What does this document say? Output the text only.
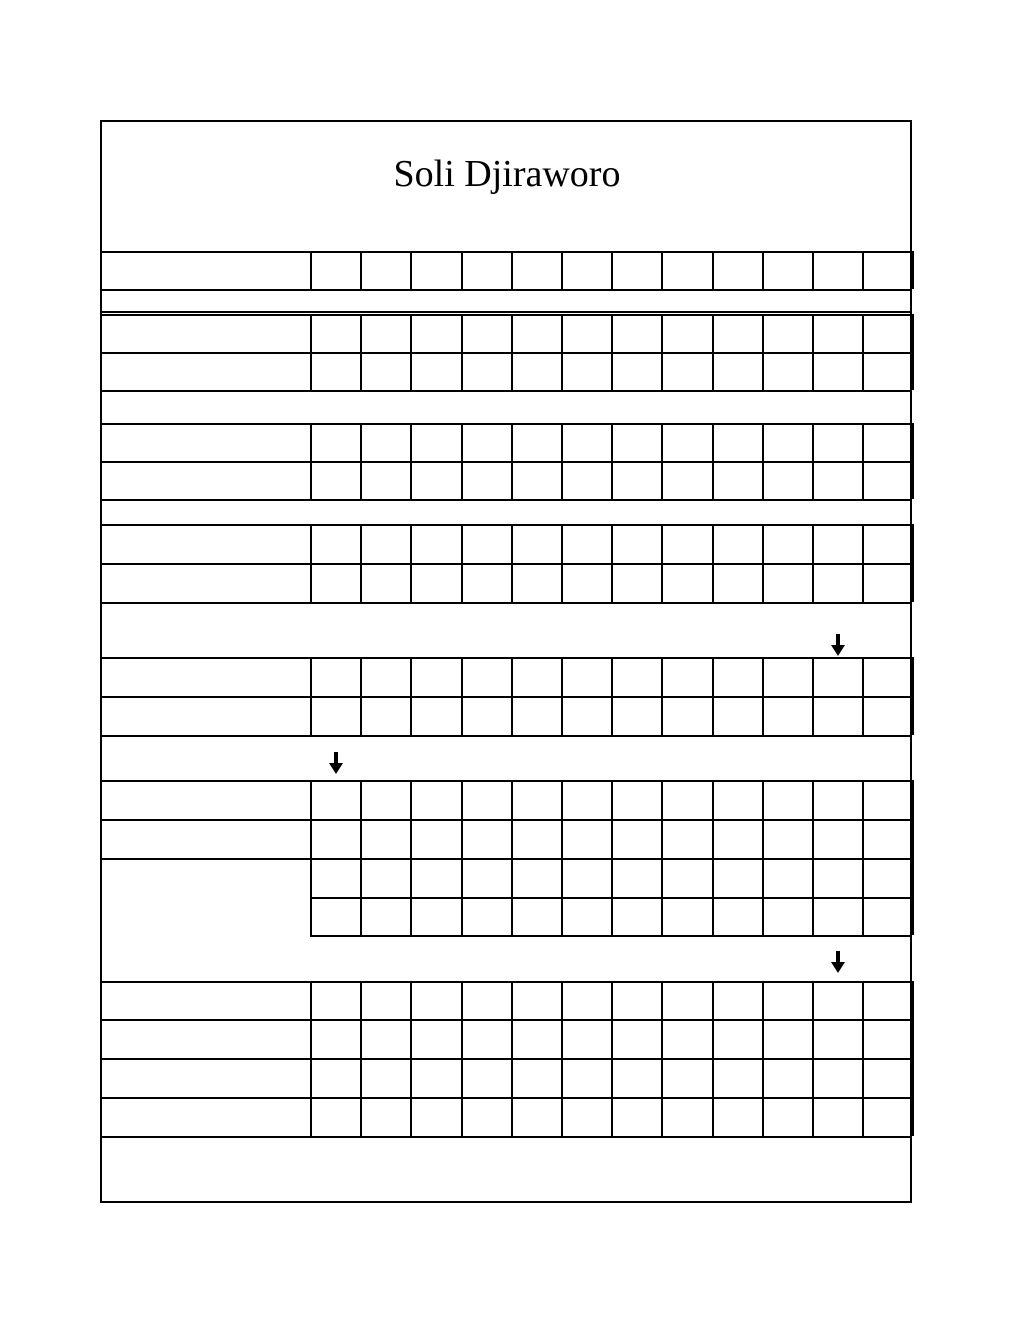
Soli Djiraworo
